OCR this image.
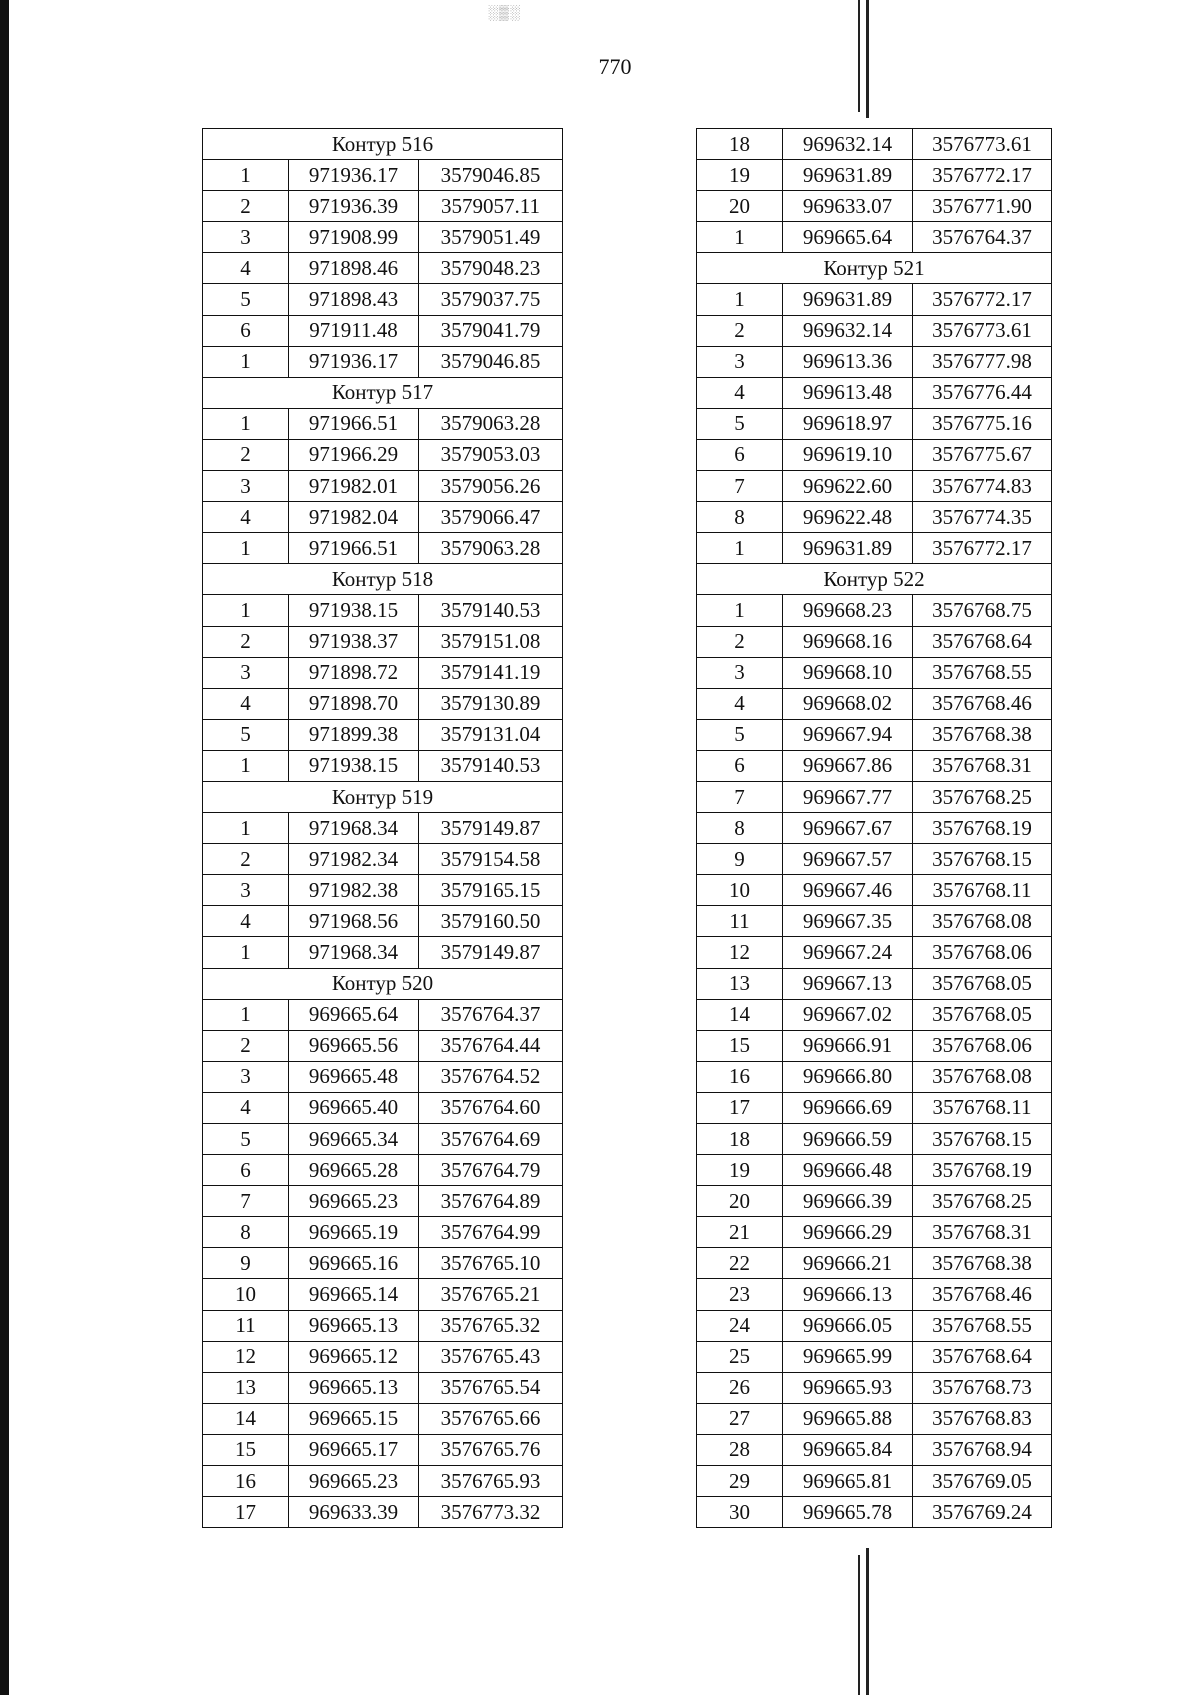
░▒░
770
Контур 516		
1	971936.17	3579046.85
2	971936.39	3579057.11
3	971908.99	3579051.49
4	971898.46	3579048.23
5	971898.43	3579037.75
6	971911.48	3579041.79
1	971936.17	3579046.85
Контур 517		
1	971966.51	3579063.28
2	971966.29	3579053.03
3	971982.01	3579056.26
4	971982.04	3579066.47
1	971966.51	3579063.28
Контур 518		
1	971938.15	3579140.53
2	971938.37	3579151.08
3	971898.72	3579141.19
4	971898.70	3579130.89
5	971899.38	3579131.04
1	971938.15	3579140.53
Контур 519		
1	971968.34	3579149.87
2	971982.34	3579154.58
3	971982.38	3579165.15
4	971968.56	3579160.50
1	971968.34	3579149.87
Контур 520		
1	969665.64	3576764.37
2	969665.56	3576764.44
3	969665.48	3576764.52
4	969665.40	3576764.60
5	969665.34	3576764.69
6	969665.28	3576764.79
7	969665.23	3576764.89
8	969665.19	3576764.99
9	969665.16	3576765.10
10	969665.14	3576765.21
11	969665.13	3576765.32
12	969665.12	3576765.43
13	969665.13	3576765.54
14	969665.15	3576765.66
15	969665.17	3576765.76
16	969665.23	3576765.93
17	969633.39	3576773.32
18	969632.14	3576773.61
19	969631.89	3576772.17
20	969633.07	3576771.90
1	969665.64	3576764.37
Контур 521		
1	969631.89	3576772.17
2	969632.14	3576773.61
3	969613.36	3576777.98
4	969613.48	3576776.44
5	969618.97	3576775.16
6	969619.10	3576775.67
7	969622.60	3576774.83
8	969622.48	3576774.35
1	969631.89	3576772.17
Контур 522		
1	969668.23	3576768.75
2	969668.16	3576768.64
3	969668.10	3576768.55
4	969668.02	3576768.46
5	969667.94	3576768.38
6	969667.86	3576768.31
7	969667.77	3576768.25
8	969667.67	3576768.19
9	969667.57	3576768.15
10	969667.46	3576768.11
11	969667.35	3576768.08
12	969667.24	3576768.06
13	969667.13	3576768.05
14	969667.02	3576768.05
15	969666.91	3576768.06
16	969666.80	3576768.08
17	969666.69	3576768.11
18	969666.59	3576768.15
19	969666.48	3576768.19
20	969666.39	3576768.25
21	969666.29	3576768.31
22	969666.21	3576768.38
23	969666.13	3576768.46
24	969666.05	3576768.55
25	969665.99	3576768.64
26	969665.93	3576768.73
27	969665.88	3576768.83
28	969665.84	3576768.94
29	969665.81	3576769.05
30	969665.78	3576769.24
